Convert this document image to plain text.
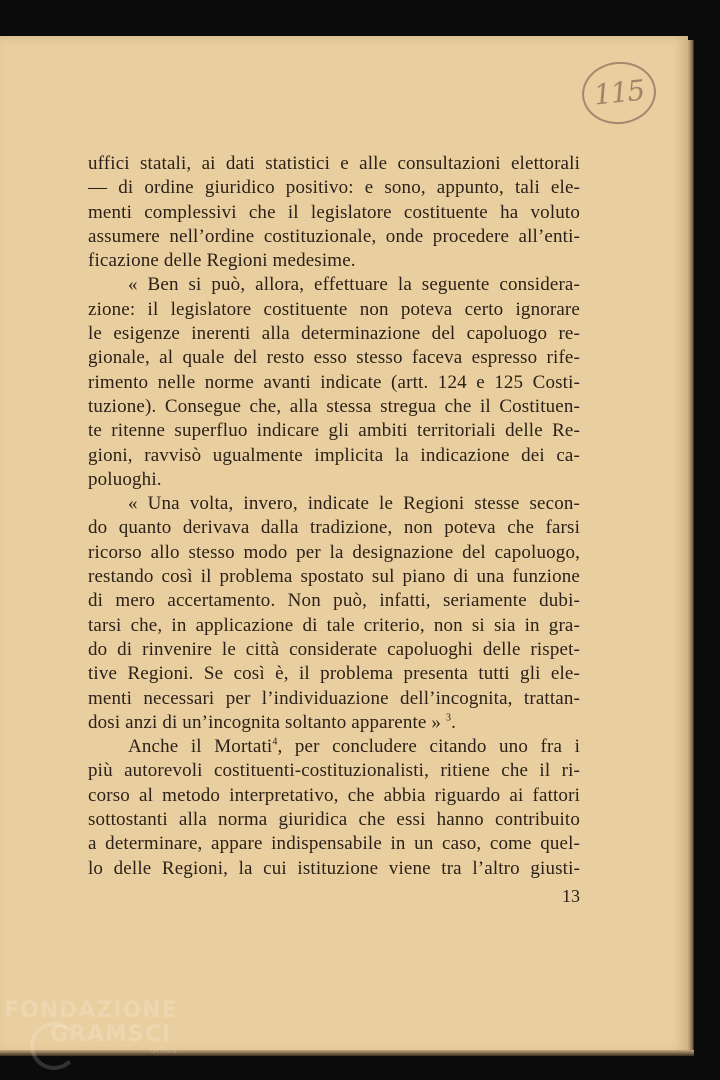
115
uffici statali, ai dati statistici e alle consultazioni elettorali
— di ordine giuridico positivo: e sono, appunto, tali ele-
menti complessivi che il legislatore costituente ha voluto
assumere nell’ordine costituzionale, onde procedere all’enti-
ficazione delle Regioni medesime.
« Ben si può, allora, effettuare la seguente considera-
zione: il legislatore costituente non poteva certo ignorare
le esigenze inerenti alla determinazione del capoluogo re-
gionale, al quale del resto esso stesso faceva espresso rife-
rimento nelle norme avanti indicate (artt. 124 e 125 Costi-
tuzione). Consegue che, alla stessa stregua che il Costituen-
te ritenne superfluo indicare gli ambiti territoriali delle Re-
gioni, ravvisò ugualmente implicita la indicazione dei ca-
poluoghi.
« Una volta, invero, indicate le Regioni stesse secon-
do quanto derivava dalla tradizione, non poteva che farsi
ricorso allo stesso modo per la designazione del capoluogo,
restando così il problema spostato sul piano di una funzione
di mero accertamento. Non può, infatti, seriamente dubi-
tarsi che, in applicazione di tale criterio, non si sia in gra-
do di rinvenire le città considerate capoluoghi delle rispet-
tive Regioni. Se così è, il problema presenta tutti gli ele-
menti necessari per l’individuazione dell’incognita, trattan-
dosi anzi di un’incognita soltanto apparente » $^3$.
Anche il Mortati$^4$, per concludere citando uno fra i
più autorevoli costituenti-costituzionalisti, ritiene che il ri-
corso al metodo interpretativo, che abbia riguardo ai fattori
sottostanti alla norma giuridica che essi hanno contribuito
a determinare, appare indispensabile in un caso, come quel-
lo delle Regioni, la cui istituzione viene tra l’altro giusti-
13
FONDAZIONE
GRAMSCI
onlus
